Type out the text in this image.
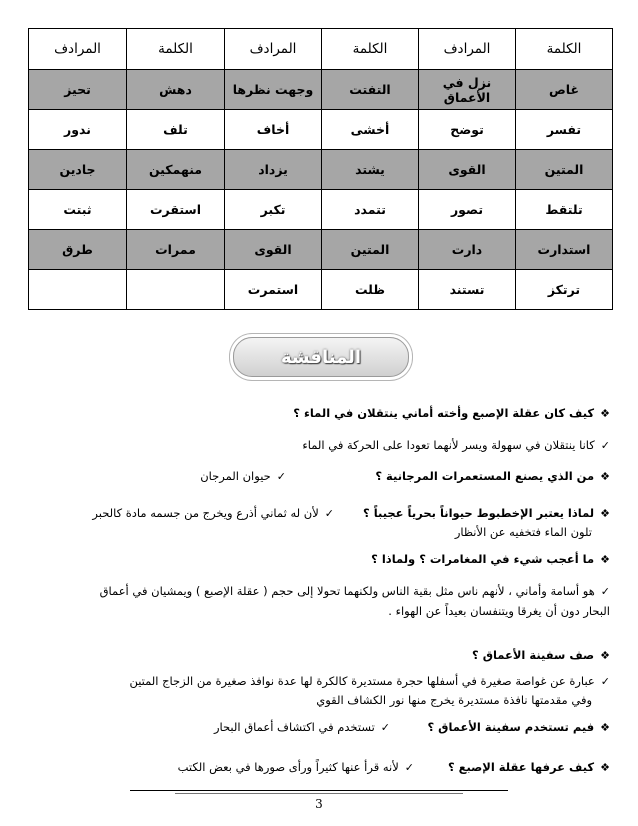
الكلمة	المرادف	الكلمة	المرادف	الكلمة	المرادف
غاص	نزل في الأعماق	التفتت	وجهت نظرها	دهش	تحيز
تفسر	توضح	أخشى	أخاف	تلف	ندور
المتين	القوى	يشتد	يزداد	منهمكين	جادين
تلتقط	تصور	تتمدد	تكبر	استقرت	ثبتت
استدارت	دارت	المتين	القوى	ممرات	طرق
ترتكز	تستند	ظلت	استمرت		
المناقشة
❖كيف كان عقلة الإصبع وأخته أماني ينتقلان في الماء ؟
✓كانا ينتقلان في سهولة ويسر لأنهما تعودا على الحركة في الماء
❖من الذي يصنع المستعمرات المرجانية ؟
✓حيوان المرجان
❖لماذا يعتبر الإخطبوط حيواناً بحرياً عجيباً ؟
✓لأن له ثماني أذرع ويخرج من جسمه مادة كالحبر
تلون الماء فتخفيه عن الأنظار
❖ما أعجب شيء في المغامرات ؟ ولماذا ؟
✓هو أسامة وأماني ، لأنهم ناس مثل بقية الناس ولكنهما تحولا إلى حجم ( عقلة الإصبع ) ويمشيان في أعماق
البحار دون أن يغرقا ويتنفسان بعيداً عن الهواء .
❖صف سفينة الأعماق ؟
✓عبارة عن غواصة صغيرة في أسفلها حجرة مستديرة كالكرة لها عدة نوافذ صغيرة من الزجاج المتين
وفي مقدمتها نافذة مستديرة يخرج منها نور الكشاف القوي
❖فيم تستخدم سفينة الأعماق ؟
✓تستخدم في اكتشاف أعماق البحار
❖كيف عرفها عقلة الإصبع ؟
✓لأنه قرأ عنها كثيراً ورأى صورها في بعض الكتب
3
